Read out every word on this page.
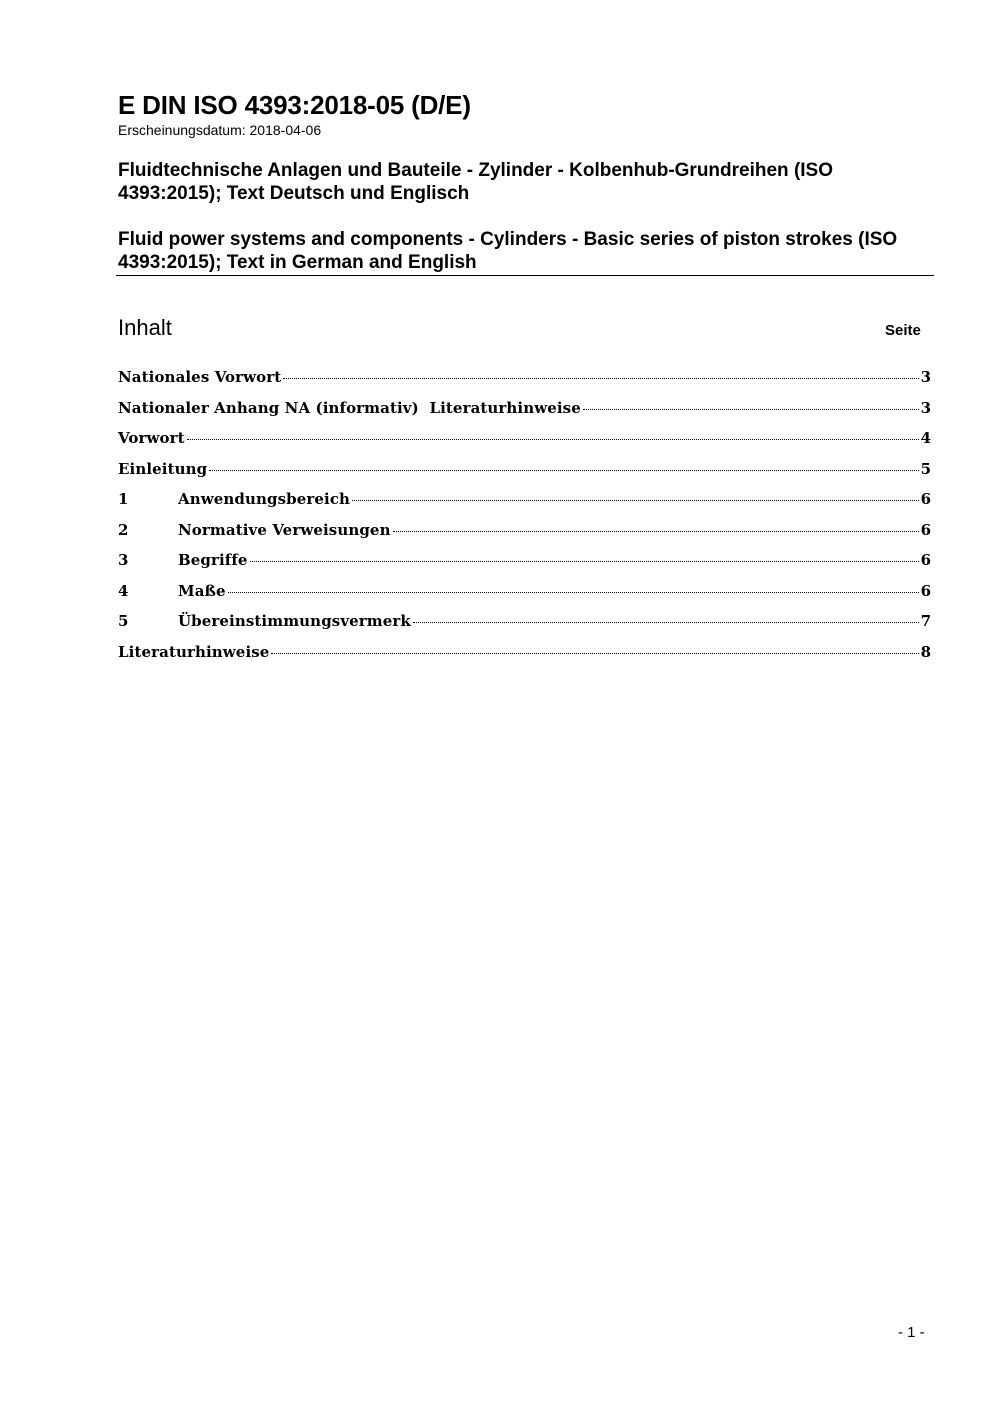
E DIN ISO 4393:2018-05 (D/E)
Erscheinungsdatum: 2018-04-06
Fluidtechnische Anlagen und Bauteile - Zylinder - Kolbenhub-Grundreihen (ISO 4393:2015); Text Deutsch und Englisch
Fluid power systems and components - Cylinders - Basic series of piston strokes (ISO 4393:2015); Text in German and English
Inhalt	Seite
Nationales Vorwort	3
Nationaler Anhang NA (informativ)  Literaturhinweise	3
Vorwort	4
Einleitung	5
1	Anwendungsbereich	6
2	Normative Verweisungen	6
3	Begriffe	6
4	Maße	6
5	Übereinstimmungsvermerk	7
Literaturhinweise	8
- 1 -
